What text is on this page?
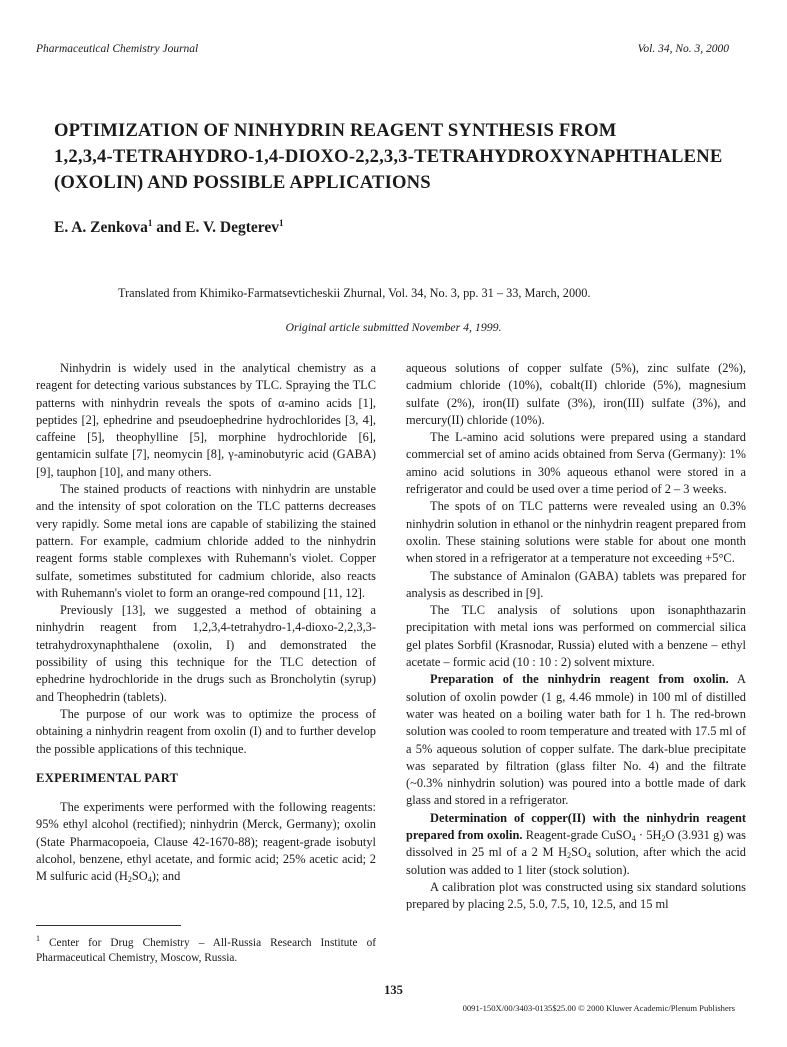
Pharmaceutical Chemistry Journal	Vol. 34, No. 3, 2000
OPTIMIZATION OF NINHYDRIN REAGENT SYNTHESIS FROM
1,2,3,4-TETRAHYDRO-1,4-DIOXO-2,2,3,3-TETRAHYDROXYNAPHTHALENE
(OXOLIN) AND POSSIBLE APPLICATIONS
E. A. Zenkova$^1$ and E. V. Degterev$^1$
Translated from Khimiko-Farmatsevticheskii Zhurnal, Vol. 34, No. 3, pp. 31 – 33, March, 2000.
Original article submitted November 4, 1999.

Ninhydrin is widely used in the analytical chemistry as a reagent for detecting various substances by TLC. Spraying the TLC patterns with ninhydrin reveals the spots of α-amino acids [1], peptides [2], ephedrine and pseudoephedrine hydrochlorides [3, 4], caffeine [5], theophylline [5], morphine hydrochloride [6], gentamicin sulfate [7], neomycin [8], γ-aminobutyric acid (GABA) [9], tauphon [10], and many others.

The stained products of reactions with ninhydrin are unstable and the intensity of spot coloration on the TLC patterns decreases very rapidly. Some metal ions are capable of stabilizing the stained pattern. For example, cadmium chloride added to the ninhydrin reagent forms stable complexes with Ruhemann's violet. Copper sulfate, sometimes substituted for cadmium chloride, also reacts with Ruhemann's violet to form an orange-red compound [11, 12].

Previously [13], we suggested a method of obtaining a ninhydrin reagent from 1,2,3,4-tetrahydro-1,4-dioxo-2,2,3,3-tetrahydroxynaphthalene (oxolin, I) and demonstrated the possibility of using this technique for the TLC detection of ephedrine hydrochloride in the drugs such as Broncholytin (syrup) and Theophedrin (tablets).

The purpose of our work was to optimize the process of obtaining a ninhydrin reagent from oxolin (I) and to further develop the possible applications of this technique.

EXPERIMENTAL PART

The experiments were performed with the following reagents: 95% ethyl alcohol (rectified); ninhydrin (Merck, Germany); oxolin (State Pharmacopoeia, Clause 42-1670-88); reagent-grade isobutyl alcohol, benzene, ethyl acetate, and formic acid; 25% acetic acid; 2 M sulfuric acid $(H_2SO_4)$; and

aqueous solutions of copper sulfate (5%), zinc sulfate (2%), cadmium chloride (10%), cobalt(II) chloride (5%), magnesium sulfate (2%), iron(II) sulfate (3%), iron(III) sulfate (3%), and mercury(II) chloride (10%).

The L-amino acid solutions were prepared using a standard commercial set of amino acids obtained from Serva (Germany): 1% amino acid solutions in 30% aqueous ethanol were stored in a refrigerator and could be used over a time period of 2 – 3 weeks.

The spots of on TLC patterns were revealed using an 0.3% ninhydrin solution in ethanol or the ninhydrin reagent prepared from oxolin. These staining solutions were stable for about one month when stored in a refrigerator at a temperature not exceeding +5°C.

The substance of Aminalon (GABA) tablets was prepared for analysis as described in [9].

The TLC analysis of solutions upon isonaphthazarin precipitation with metal ions was performed on commercial silica gel plates Sorbfil (Krasnodar, Russia) eluted with a benzene – ethyl acetate – formic acid (10 : 10 : 2) solvent mixture.

Preparation of the ninhydrin reagent from oxolin. A solution of oxolin powder (1 g, 4.46 mmole) in 100 ml of distilled water was heated on a boiling water bath for 1 h. The red-brown solution was cooled to room temperature and treated with 17.5 ml of a 5% aqueous solution of copper sulfate. The dark-blue precipitate was separated by filtration (glass filter No. 4) and the filtrate (~0.3% ninhydrin solution) was poured into a bottle made of dark glass and stored in a refrigerator.

Determination of copper(II) with the ninhydrin reagent prepared from oxolin. Reagent-grade CuSO$_4$ · $5H_2O$ (3.931 g) was dissolved in 25 ml of a 2 M $H_2SO_4$ solution, after which the acid solution was added to 1 liter (stock solution).

A calibration plot was constructed using six standard solutions prepared by placing 2.5, 5.0, 7.5, 10, 12.5, and 15 ml

$^1$ Center for Drug Chemistry – All-Russia Research Institute of Pharmaceutical Chemistry, Moscow, Russia.
135
0091-150X/00/3403-0135$25.00 © 2000 Kluwer Academic/Plenum Publishers
